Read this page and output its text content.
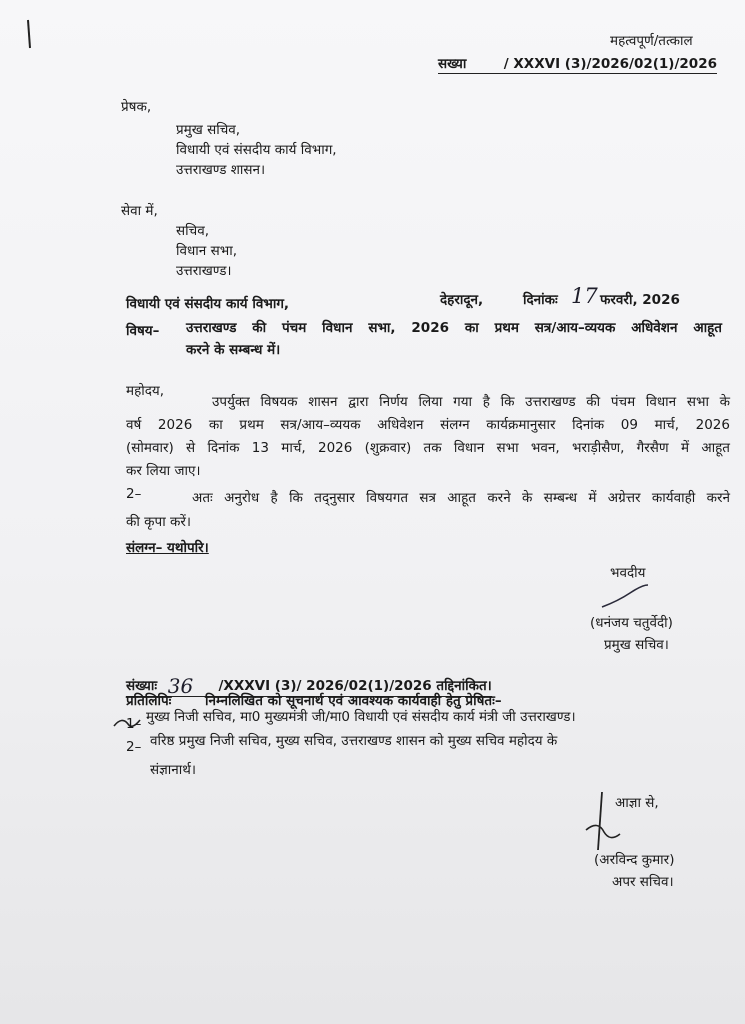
महत्वपूर्ण/तत्काल
सख्या	/ XXXVI (3)/2026/02(1)/2026
प्रेषक,
प्रमुख सचिव,
विधायी एवं संसदीय कार्य विभाग,
उत्तराखण्ड शासन।
सेवा में,
सचिव,
विधान सभा,
उत्तराखण्ड।
विधायी एवं संसदीय कार्य विभाग,	देहरादून,	दिनांकः 17 फरवरी, 2026
विषय– उत्तराखण्ड की पंचम विधान सभा, 2026 का प्रथम सत्र/आय–व्ययक अधिवेशन आहूत
करने के सम्बन्ध में।
महोदय,
उपर्युक्त विषयक शासन द्वारा निर्णय लिया गया है कि उत्तराखण्ड की पंचम विधान सभा के
वर्ष 2026 का प्रथम सत्र/आय–व्ययक अधिवेशन संलग्न कार्यक्रमानुसार दिनांक 09 मार्च, 2026
(सोमवार) से दिनांक 13 मार्च, 2026 (शुक्रवार) तक विधान सभा भवन, भराड़ीसैण, गैरसैण में आहूत
कर लिया जाए।
2–	अतः अनुरोध है कि तद्नुसार विषयगत सत्र आहूत करने के सम्बन्ध में अग्रेत्तर कार्यवाही करने
की कृपा करें।
संलग्न– यथोपरि।
भवदीय
(धनंजय चतुर्वेदी)
प्रमुख सचिव।
संख्याः 36 /XXXVI (3)/ 2026/02(1)/2026 तद्दिनांकित।
प्रतिलिपिः निम्नलिखित को सूचनार्थ एवं आवश्यक कार्यवाही हेतु प्रेषितः–
1– मुख्य निजी सचिव, मा0 मुख्यमंत्री जी/मा0 विधायी एवं संसदीय कार्य मंत्री जी उत्तराखण्ड।
2– वरिष्ठ प्रमुख निजी सचिव, मुख्य सचिव, उत्तराखण्ड शासन को मुख्य सचिव महोदय के
संज्ञानार्थ।
आज्ञा से,
(अरविन्द कुमार)
अपर सचिव।
